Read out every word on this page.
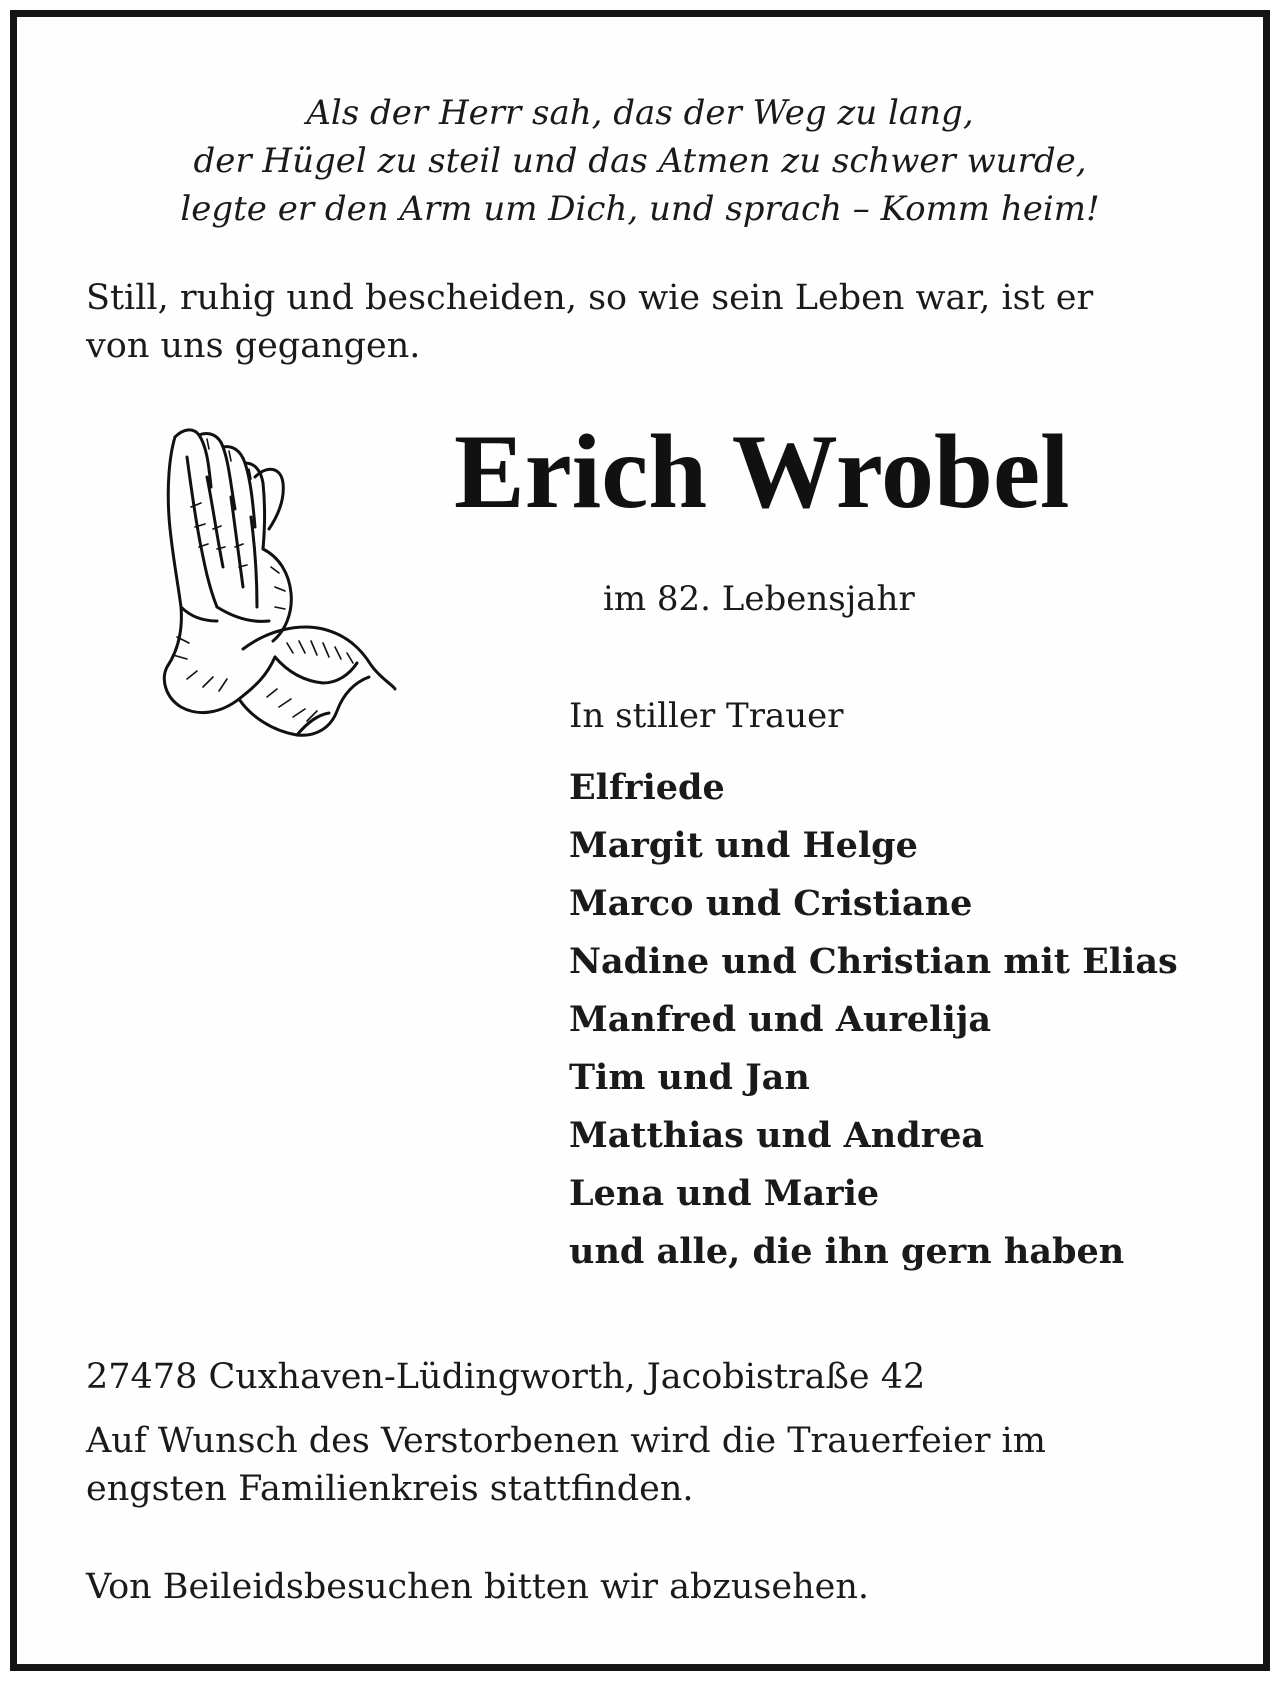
Als der Herr sah, das der Weg zu lang,
der Hügel zu steil und das Atmen zu schwer wurde,
legte er den Arm um Dich, und sprach – Komm heim!
Still, ruhig und bescheiden, so wie sein Leben war, ist er
von uns gegangen.
Erich Wrobel
im 82. Lebensjahr
In stiller Trauer
Elfriede
Margit und Helge
Marco und Cristiane
Nadine und Christian mit Elias
Manfred und Aurelija
Tim und Jan
Matthias und Andrea
Lena und Marie
und alle, die ihn gern haben
27478 Cuxhaven-Lüdingworth, Jacobistraße 42
Auf Wunsch des Verstorbenen wird die Trauerfeier im
engsten Familienkreis stattfinden.
Von Beileidsbesuchen bitten wir abzusehen.
